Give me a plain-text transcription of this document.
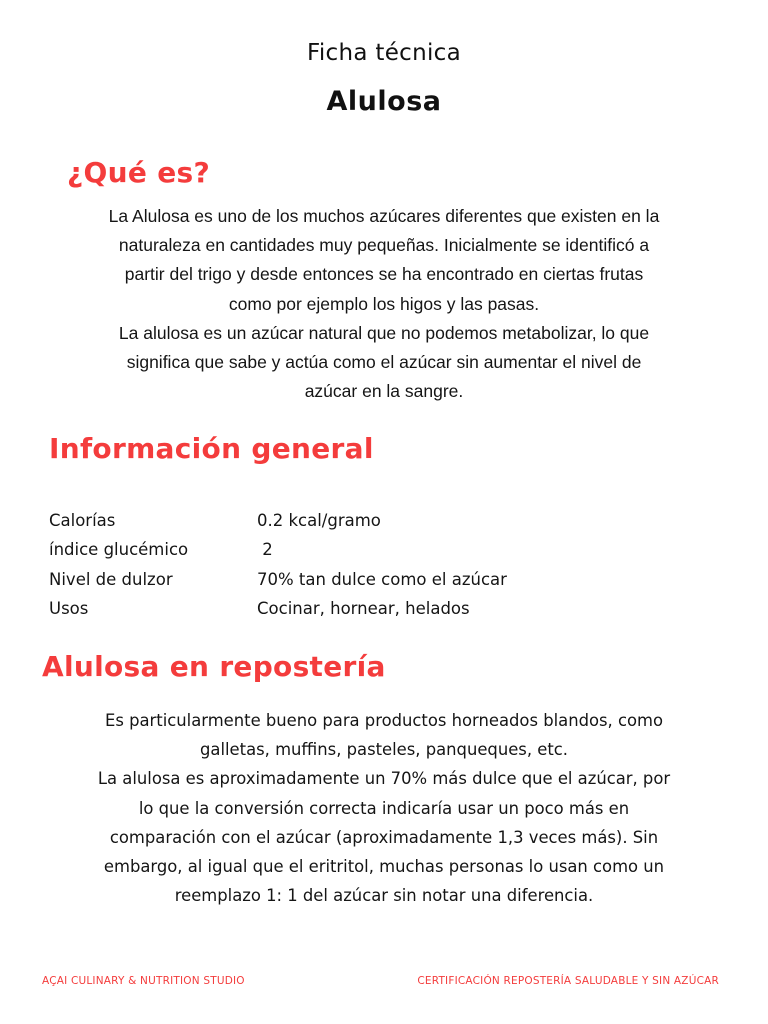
Ficha técnica
Alulosa
¿Qué es?
La Alulosa es uno de los muchos azúcares diferentes que existen en la
naturaleza en cantidades muy pequeñas. Inicialmente se identificó a
partir del trigo y desde entonces se ha encontrado en ciertas frutas
como por ejemplo los higos y las pasas.
La alulosa es un azúcar natural que no podemos metabolizar, lo que
significa que sabe y actúa como el azúcar sin aumentar el nivel de
azúcar en la sangre.
Información general
Calorías	0.2 kcal/gramo
índice glucémico	2
Nivel de dulzor	70% tan dulce como el azúcar
Usos	Cocinar, hornear, helados
Alulosa en repostería
Es particularmente bueno para productos horneados blandos, como
galletas, muffins, pasteles, panqueques, etc.
La alulosa es aproximadamente un 70% más dulce que el azúcar, por
lo que la conversión correcta indicaría usar un poco más en
comparación con el azúcar (aproximadamente 1,3 veces más). Sin
embargo, al igual que el eritritol, muchas personas lo usan como un
reemplazo 1: 1 del azúcar sin notar una diferencia.
AÇAI CULINARY & NUTRITION STUDIO	CERTIFICACIÓN REPOSTERÍA SALUDABLE Y SIN AZÚCAR
